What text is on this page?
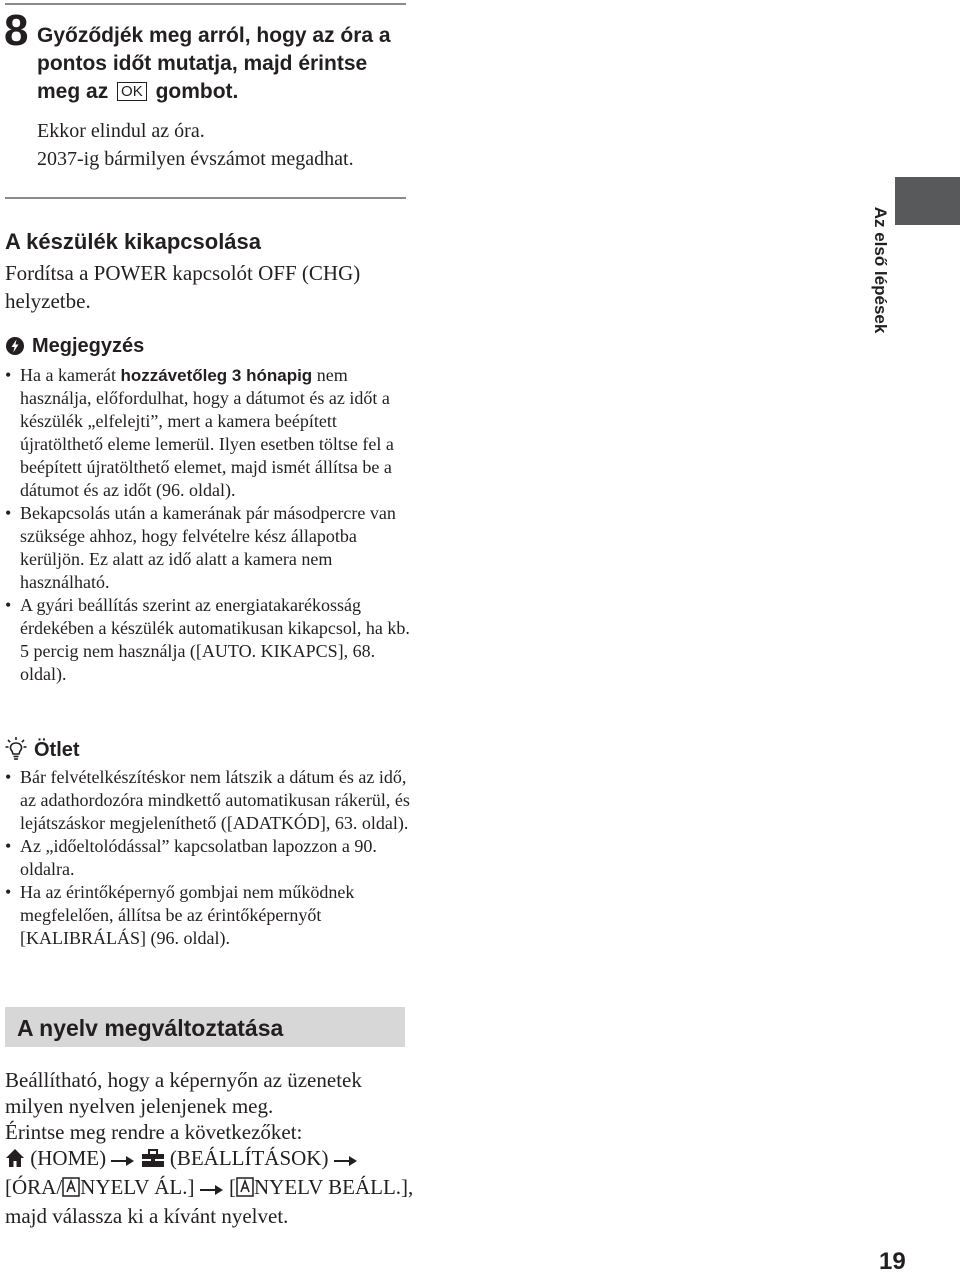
8 Győződjék meg arról, hogy az óra a pontos időt mutatja, majd érintse meg az OK gombot.
Ekkor elindul az óra.
2037-ig bármilyen évszámot megadhat.
A készülék kikapcsolása
Fordítsa a POWER kapcsolót OFF (CHG) helyzetbe.
Megjegyzés
• Ha a kamerát hozzávetőleg 3 hónapig nem használja, előfordulhat, hogy a dátumot és az időt a készülék „elfelejti”, mert a kamera beépített újratölthető eleme lemerül. Ilyen esetben töltse fel a beépített újratölthető elemet, majd ismét állítsa be a dátumot és az időt (96. oldal).
• Bekapcsolás után a kamerának pár másodpercre van szüksége ahhoz, hogy felvételre kész állapotba kerüljön. Ez alatt az idő alatt a kamera nem használható.
• A gyári beállítás szerint az energiatakarékosság érdekében a készülék automatikusan kikapcsol, ha kb. 5 percig nem használja ([AUTO. KIKAPCS], 68. oldal).
Ötlet
• Bár felvételkészítéskor nem látszik a dátum és az idő, az adathordozóra mindkettő automatikusan rákerül, és lejátszáskor megjeleníthető ([ADATKÓD], 63. oldal).
• Az „időeltolódással” kapcsolatban lapozzon a 90. oldalra.
• Ha az érintőképernyő gombjai nem működnek megfelelően, állítsa be az érintőképernyőt [KALIBRÁLÁS] (96. oldal).
A nyelv megváltoztatása
Beállítható, hogy a képernyőn az üzenetek milyen nyelven jelenjenek meg.
Érintse meg rendre a következőket:
(HOME)	(BEÁLLÍTÁSOK)
[ÓRA/ NYELV ÁL.] [ NYELV BEÁLL.], majd válassza ki a kívánt nyelvet.
Az első lépések
19
